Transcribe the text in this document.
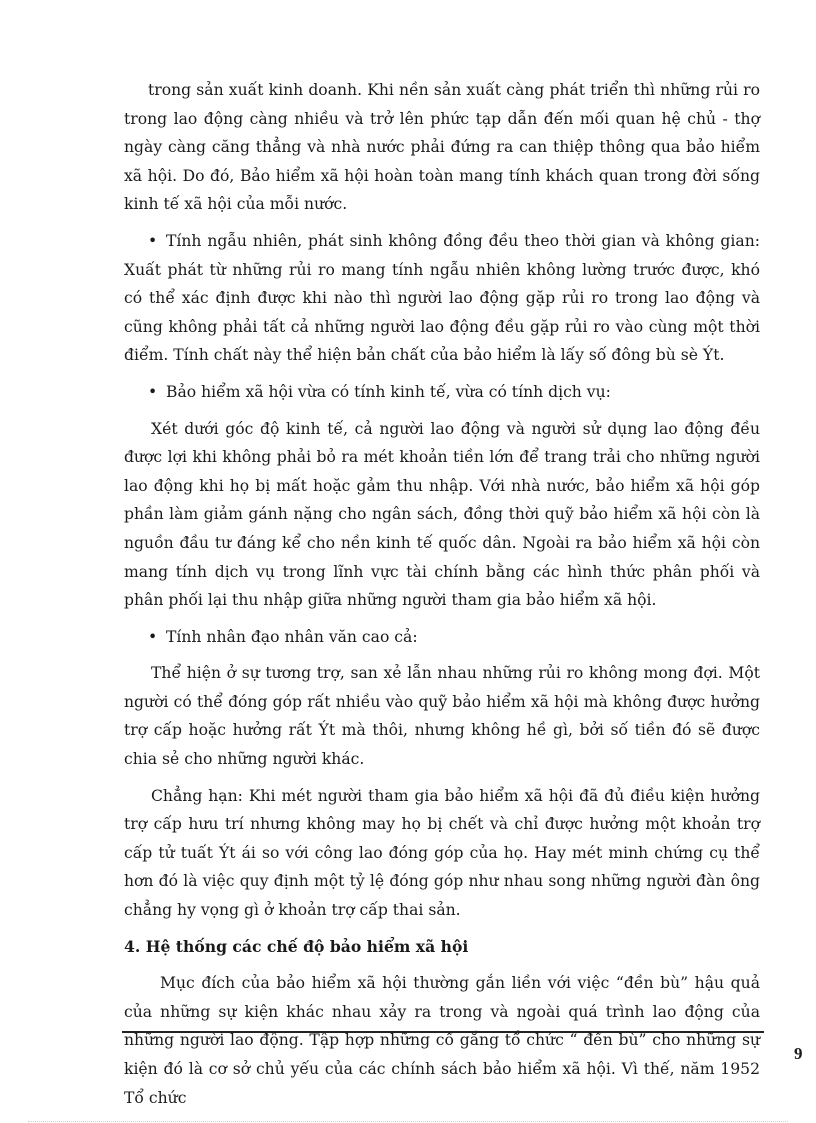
trong sản xuất kinh doanh. Khi nền sản xuất càng phát triển thì những rủi ro trong lao động càng nhiều và trở lên phức tạp dẫn đến mối quan hệ chủ - thợ ngày càng căng thẳng và nhà nước phải đứng ra can thiệp thông qua bảo hiểm xã hội. Do đó, Bảo hiểm xã hội hoàn toàn mang tính khách quan trong đời sống kinh tế xã hội của mỗi nước.

• Tính ngẫu nhiên, phát sinh không đồng đều theo thời gian và không gian: Xuất phát từ những rủi ro mang tính ngẫu nhiên không lường trước được, khó có thể xác định được khi nào thì người lao động gặp rủi ro trong lao động và cũng không phải tất cả những người lao động đều gặp rủi ro vào cùng một thời điểm. Tính chất này thể hiện bản chất của bảo hiểm là lấy số đông bù sè Ýt.

• Bảo hiểm xã hội vừa có tính kinh tế, vừa có tính dịch vụ:

Xét dưới góc độ kinh tế, cả người lao động và người sử dụng lao động đều được lợi khi không phải bỏ ra mét khoản tiền lớn để trang trải cho những người lao động khi họ bị mất hoặc gảm thu nhập. Với nhà nước, bảo hiểm xã hội góp phần làm giảm gánh nặng cho ngân sách, đồng thời quỹ bảo hiểm xã hội còn là nguồn đầu tư đáng kể cho nền kinh tế quốc dân. Ngoài ra bảo hiểm xã hội còn mang tính dịch vụ trong lĩnh vực tài chính bằng các hình thức phân phối và phân phối lại thu nhập giữa những người tham gia bảo hiểm xã hội.

• Tính nhân đạo nhân văn cao cả:

Thể hiện ở sự tương trợ, san xẻ lẫn nhau những rủi ro không mong đợi. Một người có thể đóng góp rất nhiều vào quỹ bảo hiểm xã hội mà không được hưởng trợ cấp hoặc hưởng rất Ýt mà thôi, nhưng không hề gì, bởi số tiền đó sẽ được chia sẻ cho những người khác.

Chẳng hạn: Khi mét người tham gia bảo hiểm xã hội đã đủ điều kiện hưởng trợ cấp hưu trí nhưng không may họ bị chết và chỉ được hưởng một khoản trợ cấp tử tuất Ýt ái so với công lao đóng góp của họ. Hay mét minh chứng cụ thể hơn đó là việc quy định một tỷ lệ đóng góp như nhau song những người đàn ông chẳng hy vọng gì ở khoản trợ cấp thai sản.

4. Hệ thống các chế độ bảo hiểm xã hội

Mục đích của bảo hiểm xã hội thường gắn liền với việc “đền bù” hậu quả của những sự kiện khác nhau xảy ra trong và ngoài quá trình lao động của những người lao động. Tập hợp những cố gắng tổ chức “ đền bù” cho những sự kiện đó là cơ sở chủ yếu của các chính sách bảo hiểm xã hội. Vì thế, năm 1952 Tổ chức

9
